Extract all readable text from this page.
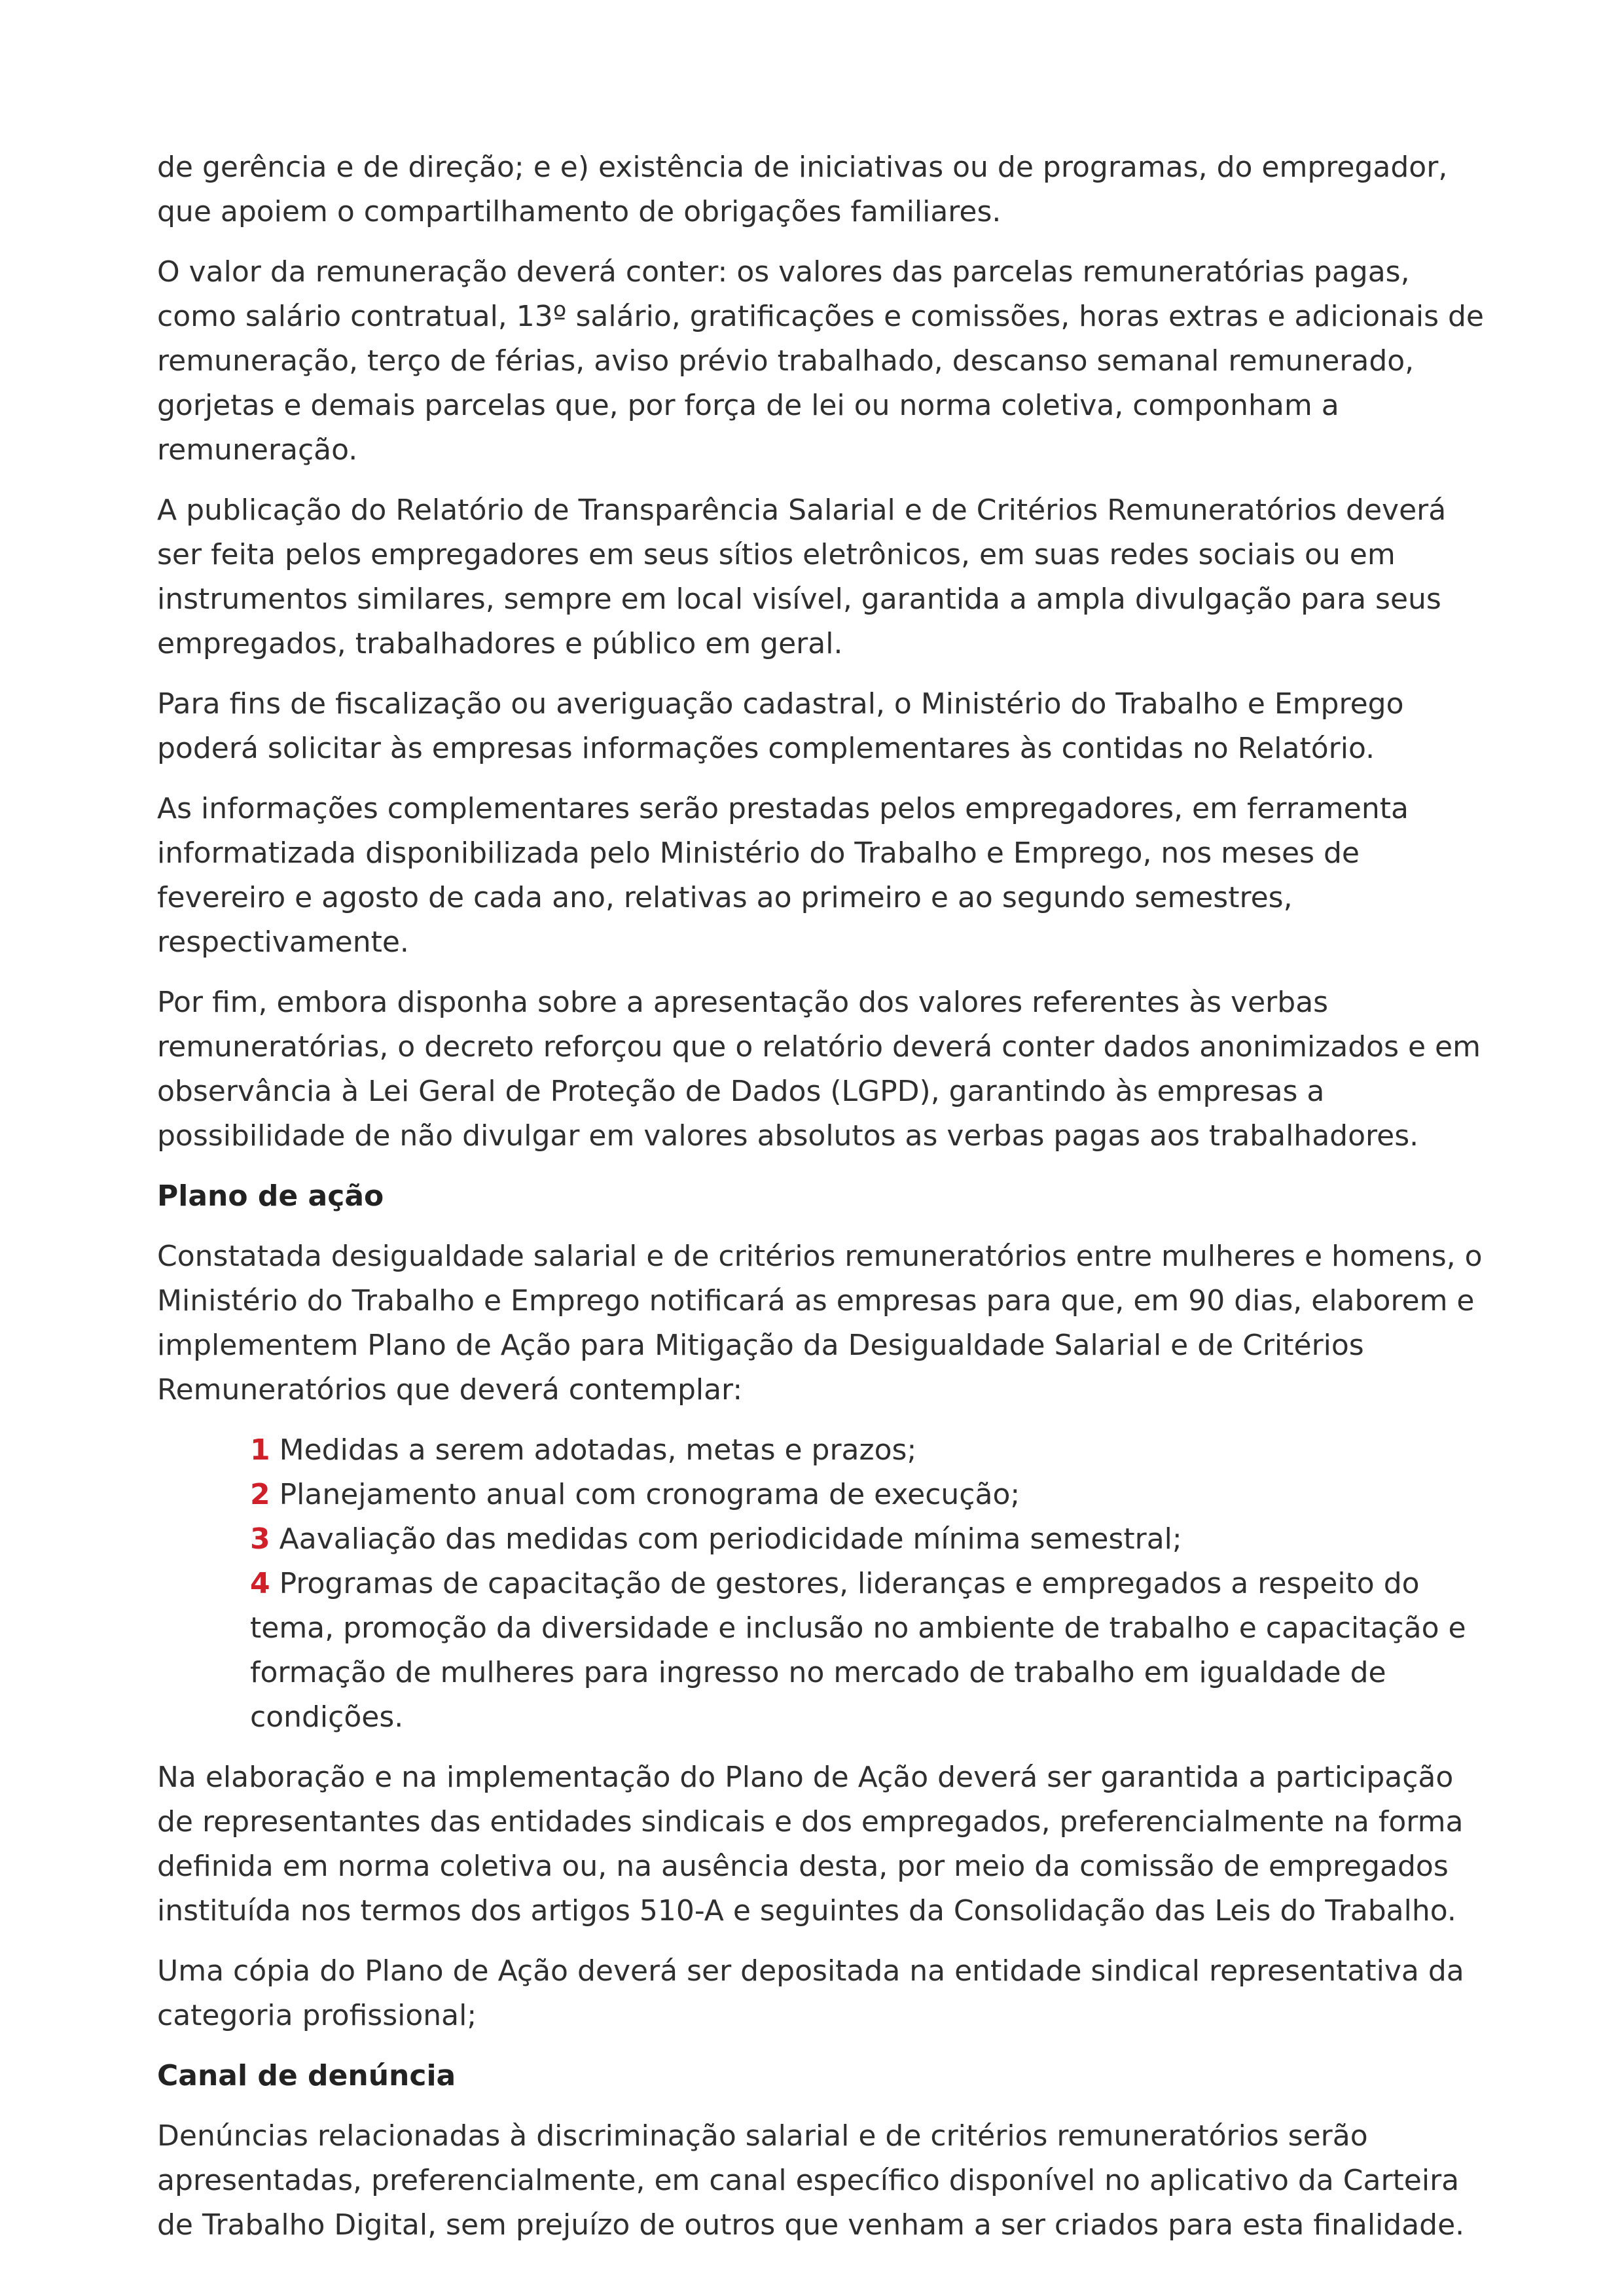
de gerência e de direção; e e) existência de iniciativas ou de programas, do empregador, que apoiem o compartilhamento de obrigações familiares.

O valor da remuneração deverá conter: os valores das parcelas remuneratórias pagas, como salário contratual, 13º salário, gratificações e comissões, horas extras e adicionais de remuneração, terço de férias, aviso prévio trabalhado, descanso semanal remunerado, gorjetas e demais parcelas que, por força de lei ou norma coletiva, componham a remuneração.

A publicação do Relatório de Transparência Salarial e de Critérios Remuneratórios deverá ser feita pelos empregadores em seus sítios eletrônicos, em suas redes sociais ou em instrumentos similares, sempre em local visível, garantida a ampla divulgação para seus empregados, trabalhadores e público em geral.

Para fins de fiscalização ou averiguação cadastral, o Ministério do Trabalho e Emprego poderá solicitar às empresas informações complementares às contidas no Relatório.

As informações complementares serão prestadas pelos empregadores, em ferramenta informatizada disponibilizada pelo Ministério do Trabalho e Emprego, nos meses de fevereiro e agosto de cada ano, relativas ao primeiro e ao segundo semestres, respectivamente.

Por fim, embora disponha sobre a apresentação dos valores referentes às verbas remuneratórias, o decreto reforçou que o relatório deverá conter dados anonimizados e em observância à Lei Geral de Proteção de Dados (LGPD), garantindo às empresas a possibilidade de não divulgar em valores absolutos as verbas pagas aos trabalhadores.

Plano de ação

Constatada desigualdade salarial e de critérios remuneratórios entre mulheres e homens, o Ministério do Trabalho e Emprego notificará as empresas para que, em 90 dias, elaborem e implementem Plano de Ação para Mitigação da Desigualdade Salarial e de Critérios Remuneratórios que deverá contemplar:

1 Medidas a serem adotadas, metas e prazos;
2 Planejamento anual com cronograma de execução;
3 Aavaliação das medidas com periodicidade mínima semestral;
4 Programas de capacitação de gestores, lideranças e empregados a respeito do tema, promoção da diversidade e inclusão no ambiente de trabalho e capacitação e formação de mulheres para ingresso no mercado de trabalho em igualdade de condições.

Na elaboração e na implementação do Plano de Ação deverá ser garantida a participação de representantes das entidades sindicais e dos empregados, preferencialmente na forma definida em norma coletiva ou, na ausência desta, por meio da comissão de empregados instituída nos termos dos artigos 510-A e seguintes da Consolidação das Leis do Trabalho.

Uma cópia do Plano de Ação deverá ser depositada na entidade sindical representativa da categoria profissional;

Canal de denúncia

Denúncias relacionadas à discriminação salarial e de critérios remuneratórios serão apresentadas, preferencialmente, em canal específico disponível no aplicativo da Carteira de Trabalho Digital, sem prejuízo de outros que venham a ser criados para esta finalidade.
